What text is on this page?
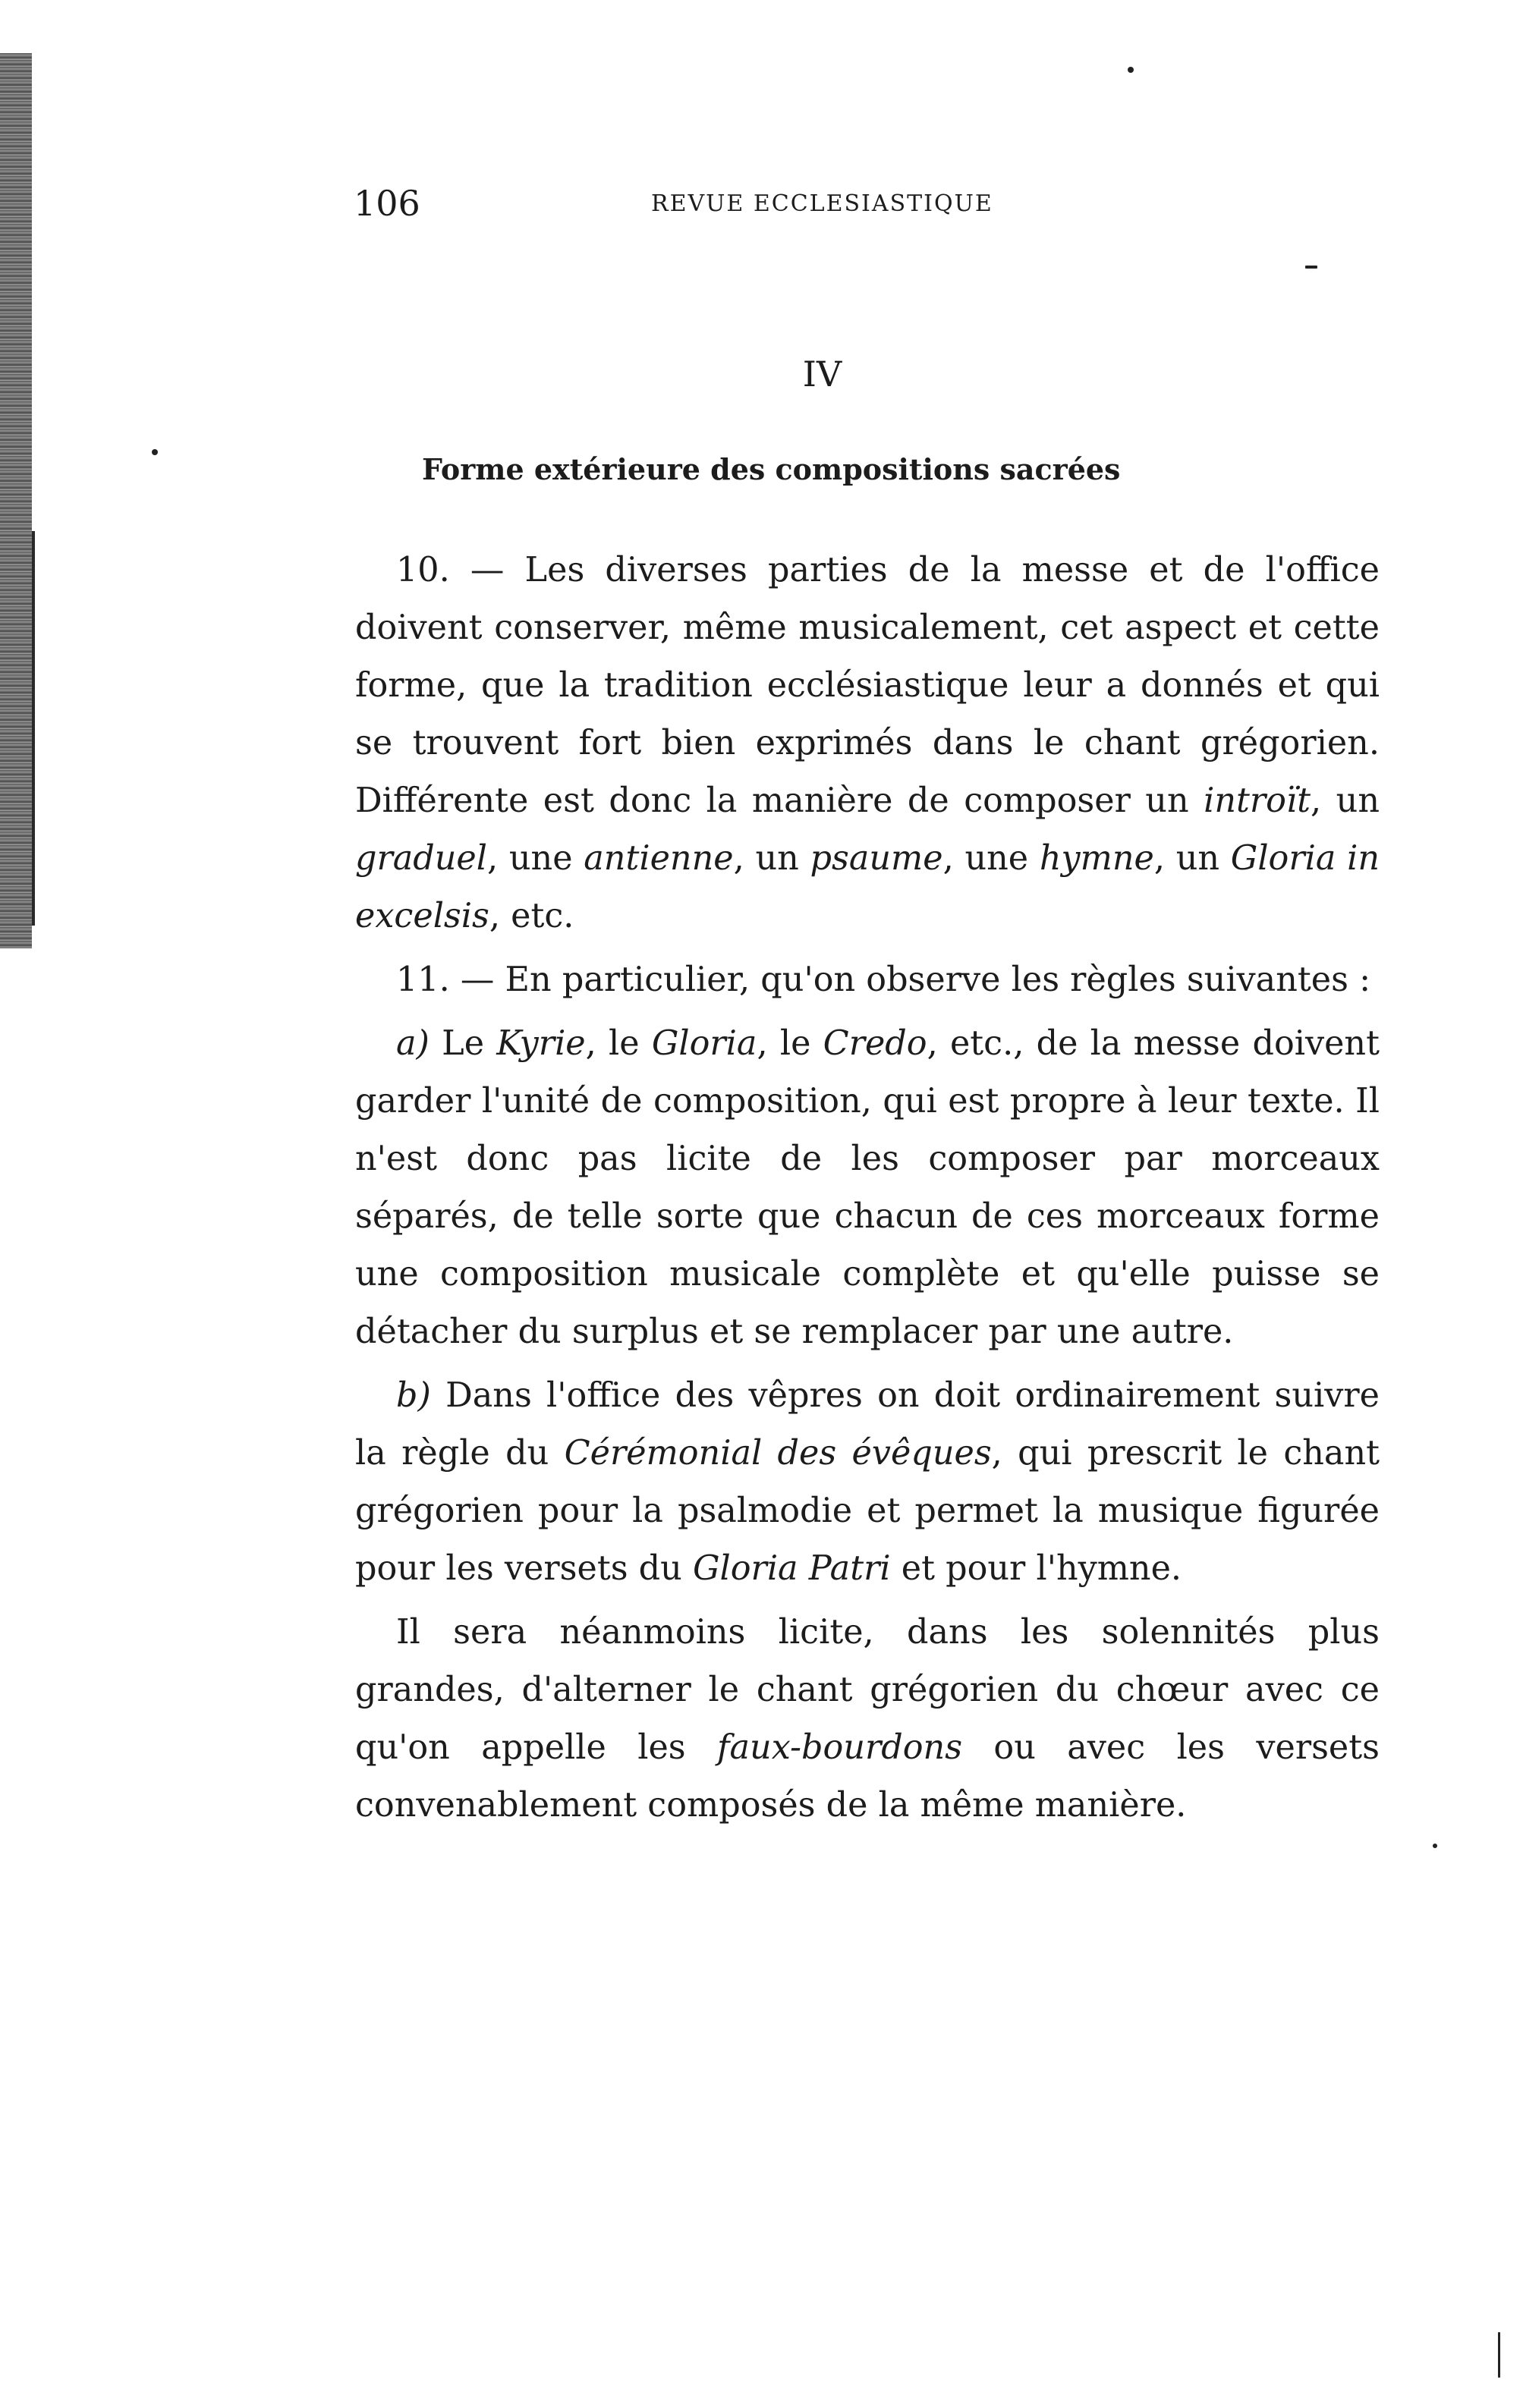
106	REVUE ECCLESIASTIQUE
IV
Forme extérieure des compositions sacrées

10. — Les diverses parties de la messe et de l'office doivent conserver, même musicalement, cet aspect et cette forme, que la tradition ecclésiastique leur a donnés et qui se trouvent fort bien exprimés dans le chant grégorien. Différente est donc la manière de composer un introït, un graduel, une antienne, un psaume, une hymne, un Gloria in excelsis, etc.

11. — En particulier, qu'on observe les règles suivantes :

a) Le Kyrie, le Gloria, le Credo, etc., de la messe doivent garder l'unité de composition, qui est propre à leur texte. Il n'est donc pas licite de les composer par morceaux séparés, de telle sorte que chacun de ces morceaux forme une composition musicale complète et qu'elle puisse se détacher du surplus et se remplacer par une autre.

b) Dans l'office des vêpres on doit ordinairement suivre la règle du Cérémonial des évêques, qui prescrit le chant grégorien pour la psalmodie et permet la musique figurée pour les versets du Gloria Patri et pour l'hymne.

Il sera néanmoins licite, dans les solennités plus grandes, d'alterner le chant grégorien du chœur avec ce qu'on appelle les faux-bourdons ou avec les versets convenablement composés de la même manière.
